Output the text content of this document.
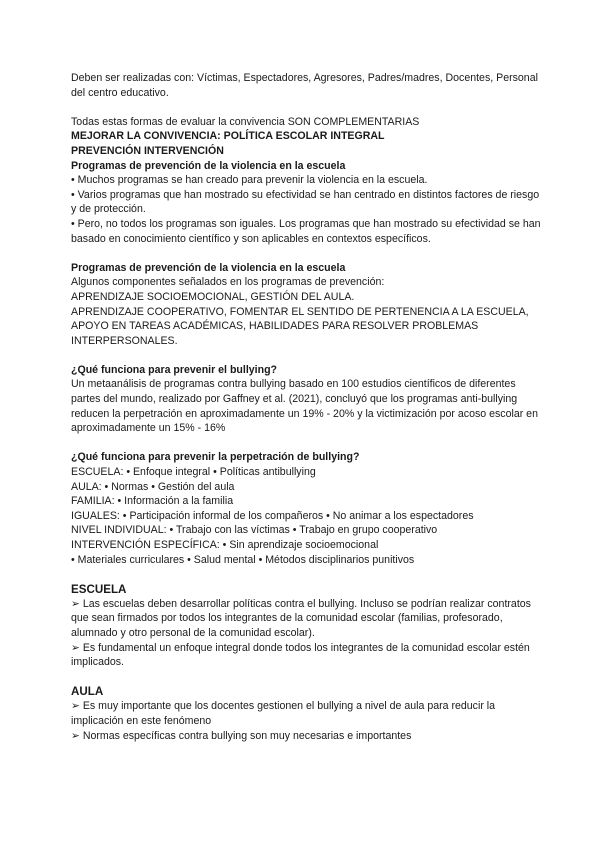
Deben ser realizadas con: Víctimas, Espectadores, Agresores, Padres/madres, Docentes, Personal del centro educativo.

Todas estas formas de evaluar la convivencia SON COMPLEMENTARIAS

MEJORAR LA CONVIVENCIA: POLÍTICA ESCOLAR INTEGRAL

PREVENCIÓN INTERVENCIÓN

Programas de prevención de la violencia en la escuela

• Muchos programas se han creado para prevenir la violencia en la escuela.

• Varios programas que han mostrado su efectividad se han centrado en distintos factores de riesgo y de protección.

• Pero, no todos los programas son iguales. Los programas que han mostrado su efectividad se han basado en conocimiento científico y son aplicables en contextos específicos.

Programas de prevención de la violencia en la escuela

Algunos componentes señalados en los programas de prevención:

APRENDIZAJE SOCIOEMOCIONAL, GESTIÓN DEL AULA.

APRENDIZAJE COOPERATIVO, FOMENTAR EL SENTIDO DE PERTENENCIA A LA ESCUELA, APOYO EN TAREAS ACADÉMICAS, HABILIDADES PARA RESOLVER PROBLEMAS INTERPERSONALES.

¿Qué funciona para prevenir el bullying?

Un metaanálisis de programas contra bullying basado en 100 estudios científicos de diferentes partes del mundo, realizado por Gaffney et al. (2021), concluyó que los programas anti-bullying reducen la perpetración en aproximadamente un 19% - 20% y la victimización por acoso escolar en aproximadamente un 15% - 16%

¿Qué funciona para prevenir la perpetración de bullying?

ESCUELA: • Enfoque integral • Políticas antibullying

AULA: • Normas • Gestión del aula

FAMILIA: • Información a la familia

IGUALES: • Participación informal de los compañeros • No animar a los espectadores

NIVEL INDIVIDUAL: • Trabajo con las víctimas • Trabajo en grupo cooperativo

INTERVENCIÓN ESPECÍFICA: • Sin aprendizaje socioemocional

• Materiales curriculares • Salud mental • Métodos disciplinarios punitivos

ESCUELA

➢ Las escuelas deben desarrollar políticas contra el bullying. Incluso se podrían realizar contratos que sean firmados por todos los integrantes de la comunidad escolar (familias, profesorado, alumnado y otro personal de la comunidad escolar).

➢ Es fundamental un enfoque integral donde todos los integrantes de la comunidad escolar estén implicados.

AULA

➢ Es muy importante que los docentes gestionen el bullying a nivel de aula para reducir la implicación en este fenómeno

➢ Normas específicas contra bullying son muy necesarias e importantes
